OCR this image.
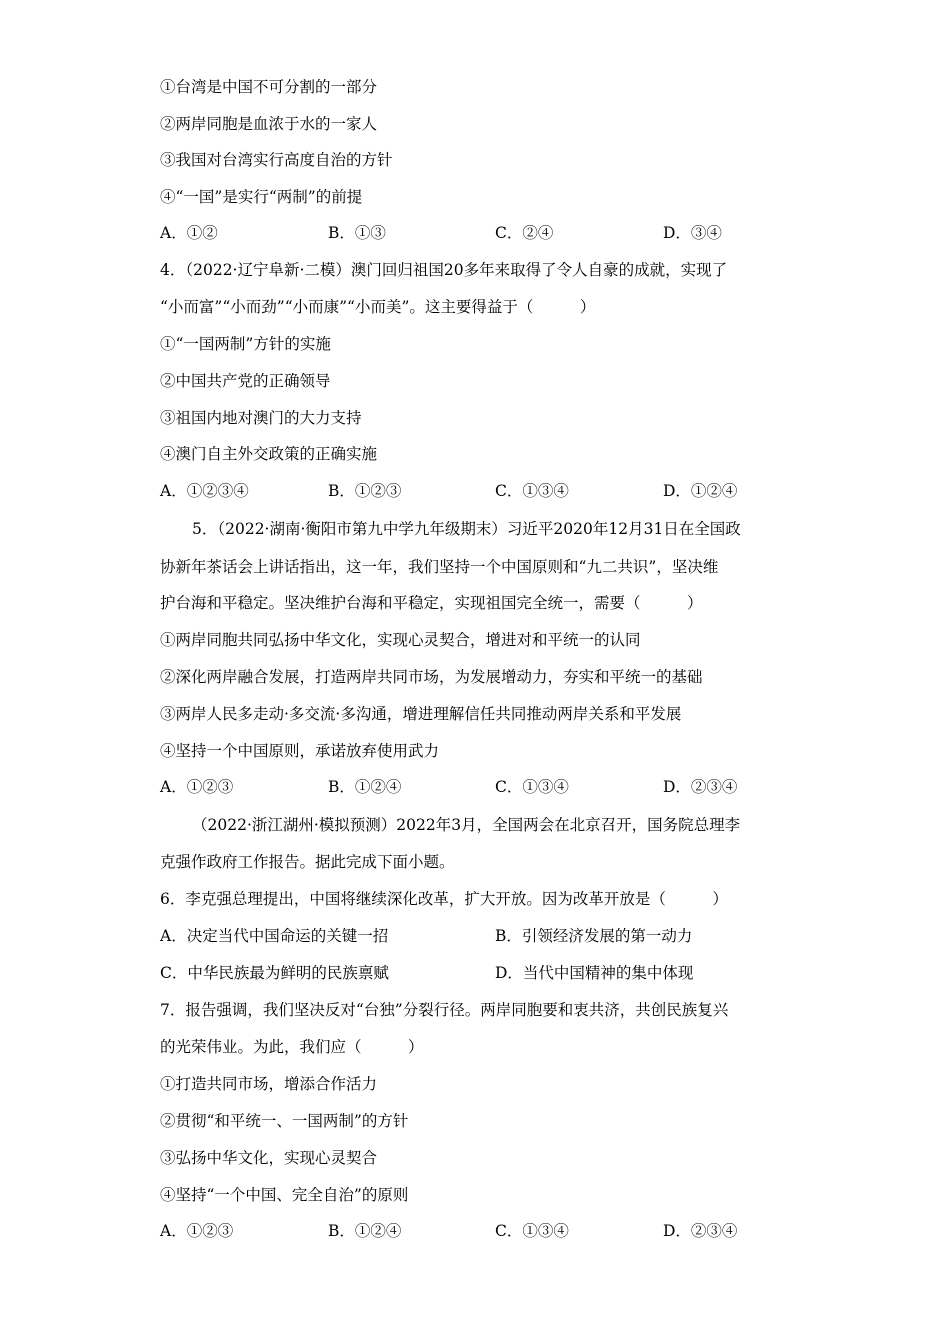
①台湾是中国不可分割的一部分
②两岸同胞是血浓于水的一家人
③我国对台湾实行高度自治的方针
④“一国”是实行“两制”的前提
A．①②	B．①③	C．②④	D．③④
4．（2022·辽宁阜新·二模）澳门回归祖国20多年来取得了令人自豪的成就，实现了
“小而富”“小而劲”“小而康”“小而美”。这主要得益于（　　　）
①“一国两制”方针的实施
②中国共产党的正确领导
③祖国内地对澳门的大力支持
④澳门自主外交政策的正确实施
A．①②③④	B．①②③	C．①③④	D．①②④
5．（2022·湖南·衡阳市第九中学九年级期末）习近平2020年12月31日在全国政
协新年茶话会上讲话指出，这一年，我们坚持一个中国原则和“九二共识”，坚决维
护台海和平稳定。坚决维护台海和平稳定，实现祖国完全统一，需要（　　　）
①两岸同胞共同弘扬中华文化，实现心灵契合，增进对和平统一的认同
②深化两岸融合发展，打造两岸共同市场，为发展增动力，夯实和平统一的基础
③两岸人民多走动·多交流·多沟通，增进理解信任共同推动两岸关系和平发展
④坚持一个中国原则，承诺放弃使用武力
A．①②③	B．①②④	C．①③④	D．②③④
（2022·浙江湖州·模拟预测）2022年3月，全国两会在北京召开，国务院总理李
克强作政府工作报告。据此完成下面小题。
6．李克强总理提出，中国将继续深化改革，扩大开放。因为改革开放是（　　　）
A．决定当代中国命运的关键一招	B．引领经济发展的第一动力
C．中华民族最为鲜明的民族禀赋	D．当代中国精神的集中体现
7．报告强调，我们坚决反对“台独”分裂行径。两岸同胞要和衷共济，共创民族复兴
的光荣伟业。为此，我们应（　　　）
①打造共同市场，增添合作活力
②贯彻“和平统一、一国两制”的方针
③弘扬中华文化，实现心灵契合
④坚持“一个中国、完全自治”的原则
A．①②③	B．①②④	C．①③④	D．②③④
